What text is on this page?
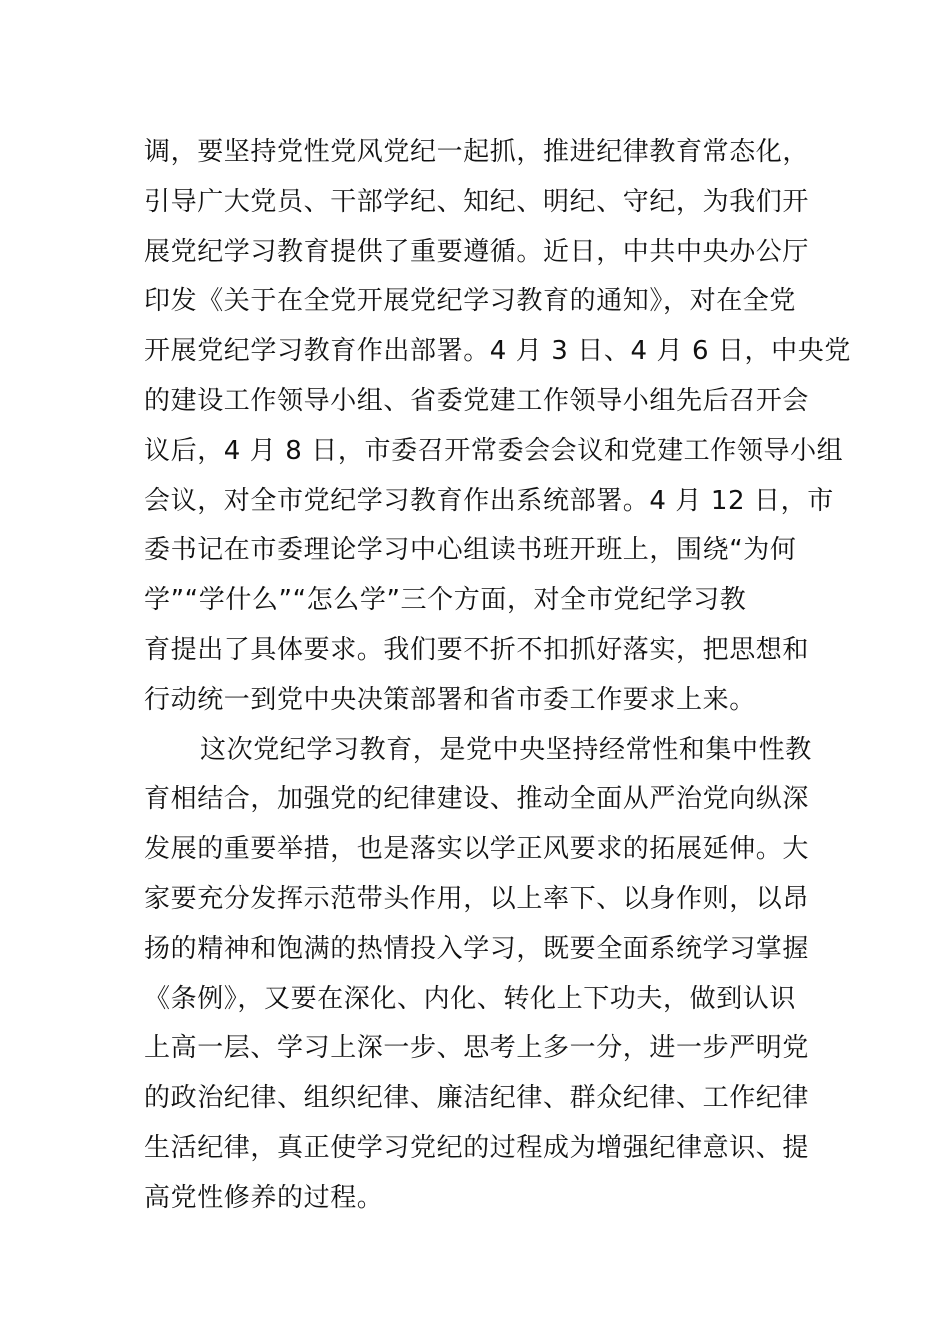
调，要坚持党性党风党纪一起抓，推进纪律教育常态化，
引导广大党员、干部学纪、知纪、明纪、守纪，为我们开
展党纪学习教育提供了重要遵循。近日，中共中央办公厅
印发《关于在全党开展党纪学习教育的通知》，对在全党
开展党纪学习教育作出部署。4 月 3 日、4 月 6 日，中央党
的建设工作领导小组、省委党建工作领导小组先后召开会
议后，4 月 8 日，市委召开常委会会议和党建工作领导小组
会议，对全市党纪学习教育作出系统部署。4 月 12 日，市
委书记在市委理论学习中心组读书班开班上，围绕“为何
学”“学什么”“怎么学”三个方面，对全市党纪学习教
育提出了具体要求。我们要不折不扣抓好落实，把思想和
行动统一到党中央决策部署和省市委工作要求上来。
这次党纪学习教育，是党中央坚持经常性和集中性教
育相结合，加强党的纪律建设、推动全面从严治党向纵深
发展的重要举措，也是落实以学正风要求的拓展延伸。大
家要充分发挥示范带头作用，以上率下、以身作则，以昂
扬的精神和饱满的热情投入学习，既要全面系统学习掌握
《条例》，又要在深化、内化、转化上下功夫，做到认识
上高一层、学习上深一步、思考上多一分，进一步严明党
的政治纪律、组织纪律、廉洁纪律、群众纪律、工作纪律
生活纪律，真正使学习党纪的过程成为增强纪律意识、提
高党性修养的过程。
